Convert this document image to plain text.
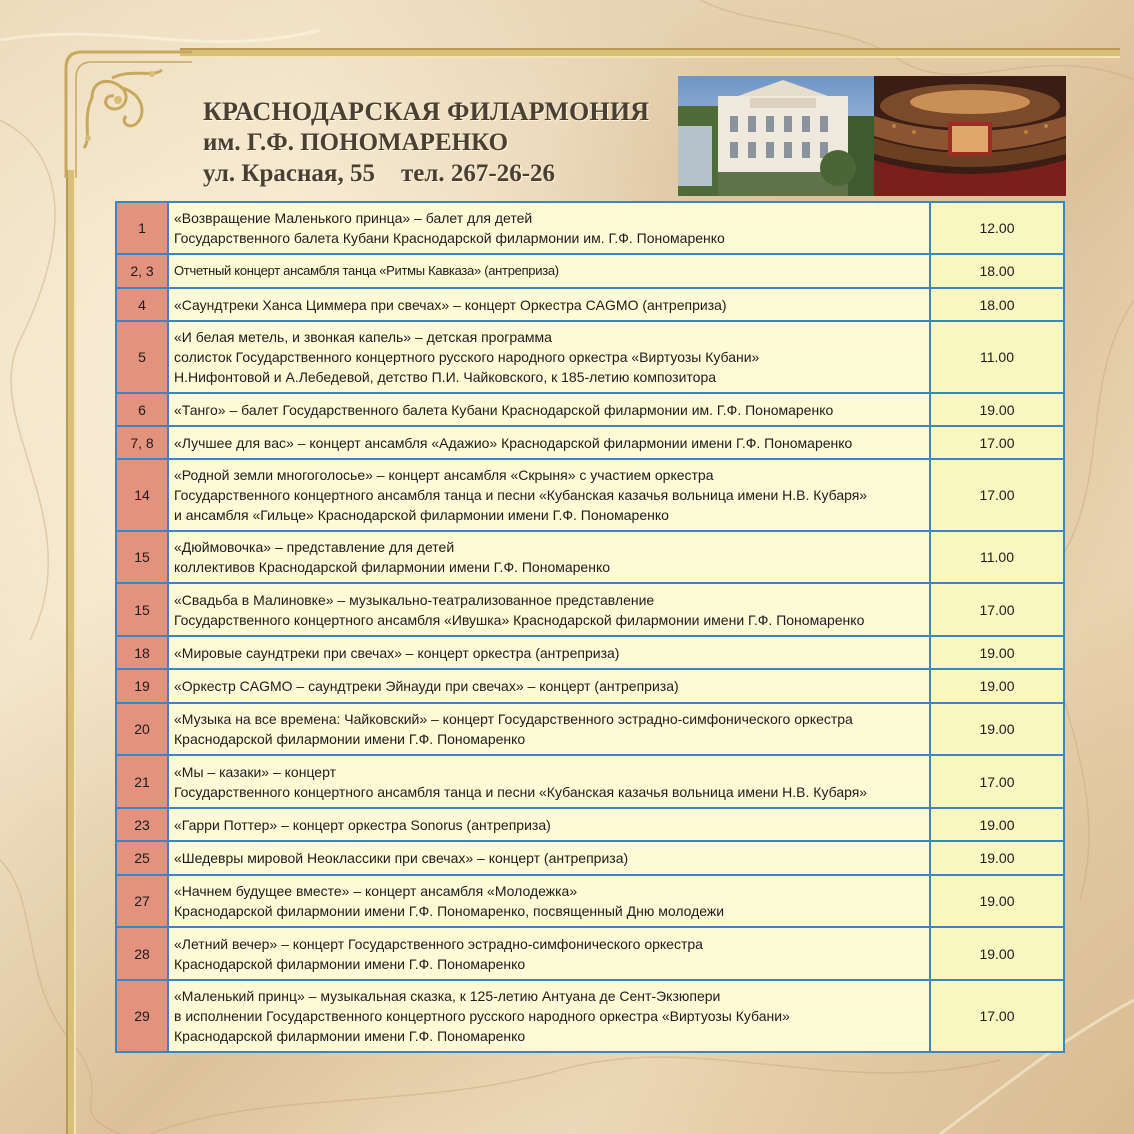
КРАСНОДАРСКАЯ ФИЛАРМОНИЯ
им. Г.Ф. ПОНОМАРЕНКО
ул. Красная, 55 тел. 267-26-26
1	«Возвращение Маленького принца» – балет для детей
Государственного балета Кубани Краснодарской филармонии им. Г.Ф. Пономаренко	12.00
2, 3	Отчетный концерт ансамбля танца «Ритмы Кавказа» (антреприза)	18.00
4	«Саундтреки Ханса Циммера при свечах» – концерт Оркестра CAGMO (антреприза)	18.00
5	«И белая метель, и звонкая капель» – детская программа
солисток Государственного концертного русского народного оркестра «Виртуозы Кубани»
Н.Нифонтовой и А.Лебедевой, детство П.И. Чайковского, к 185-летию композитора	11.00
6	«Танго» – балет Государственного балета Кубани Краснодарской филармонии им. Г.Ф. Пономаренко	19.00
7, 8	«Лучшее для вас» – концерт ансамбля «Адажио» Краснодарской филармонии имени Г.Ф. Пономаренко	17.00
14	«Родной земли многоголосье» – концерт ансамбля «Скрыня» с участием оркестра
Государственного концертного ансамбля танца и песни «Кубанская казачья вольница имени Н.В. Кубаря»
и ансамбля «Гильце» Краснодарской филармонии имени Г.Ф. Пономаренко	17.00
15	«Дюймовочка» – представление для детей
коллективов Краснодарской филармонии имени Г.Ф. Пономаренко	11.00
15	«Свадьба в Малиновке» – музыкально-театрализованное представление
Государственного концертного ансамбля «Ивушка» Краснодарской филармонии имени Г.Ф. Пономаренко	17.00
18	«Мировые саундтреки при свечах» – концерт оркестра (антреприза)	19.00
19	«Оркестр CAGMO – саундтреки Эйнауди при свечах» – концерт (антреприза)	19.00
20	«Музыка на все времена: Чайковский» – концерт Государственного эстрадно-симфонического оркестра
Краснодарской филармонии имени Г.Ф. Пономаренко	19.00
21	«Мы – казаки» – концерт
Государственного концертного ансамбля танца и песни «Кубанская казачья вольница имени Н.В. Кубаря»	17.00
23	«Гарри Поттер» – концерт оркестра Sonorus (антреприза)	19.00
25	«Шедевры мировой Неоклассики при свечах» – концерт (антреприза)	19.00
27	«Начнем будущее вместе» – концерт ансамбля «Молодежка»
Краснодарской филармонии имени Г.Ф. Пономаренко, посвященный Дню молодежи	19.00
28	«Летний вечер» – концерт Государственного эстрадно-симфонического оркестра
Краснодарской филармонии имени Г.Ф. Пономаренко	19.00
29	«Маленький принц» – музыкальная сказка, к 125-летию Антуана де Сент-Экзюпери
в исполнении Государственного концертного русского народного оркестра «Виртуозы Кубани»
Краснодарской филармонии имени Г.Ф. Пономаренко	17.00
